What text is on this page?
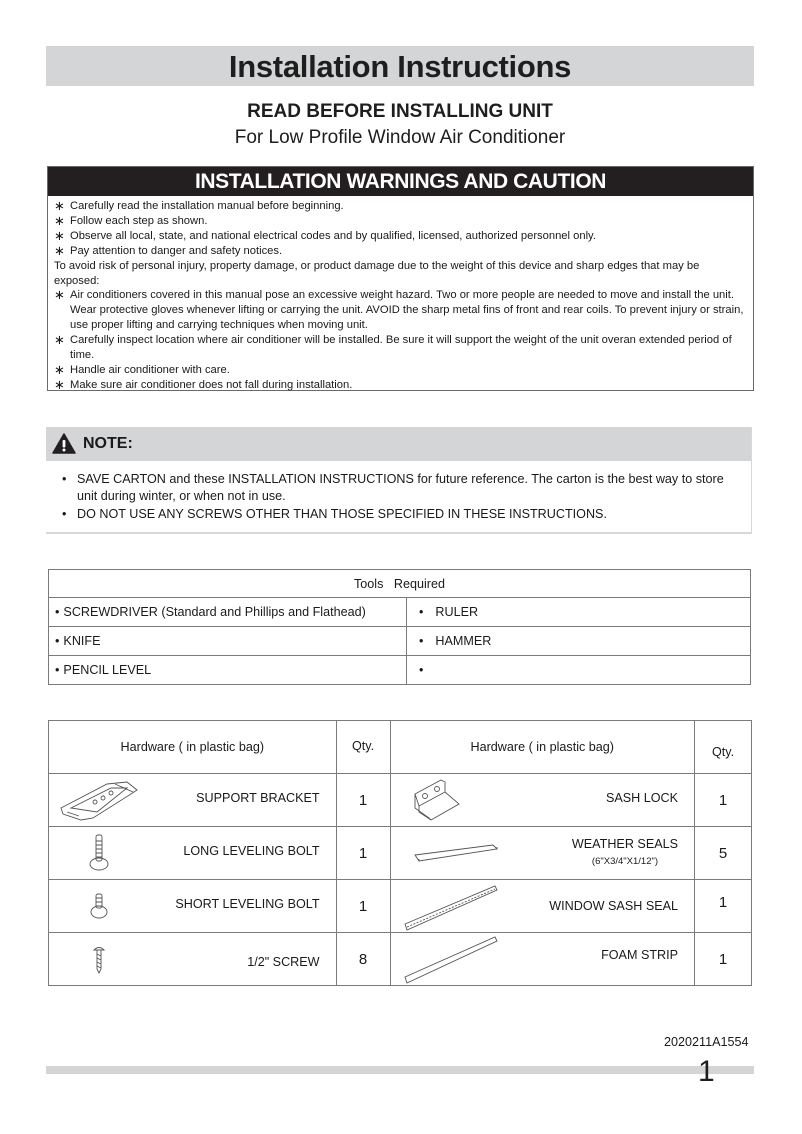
Installation Instructions
READ BEFORE INSTALLING UNIT
For Low Profile Window Air Conditioner
INSTALLATION WARNINGS AND CAUTION
∗ Carefully read the installation manual before beginning.
∗ Follow each step as shown.
∗ Observe all local, state, and national electrical codes and by qualified, licensed, authorized personnel only.
∗ Pay attention to danger and safety notices.
To avoid risk of personal injury, property damage, or product damage due to the weight of this device and sharp edges that may be exposed:
∗ Air conditioners covered in this manual pose an excessive weight hazard. Two or more people are needed to move and install the unit. Wear protective gloves whenever lifting or carrying the unit. AVOID the sharp metal fins of front and rear coils. To prevent injury or strain, use proper lifting and carrying techniques when moving unit.
∗ Carefully inspect location where air conditioner will be installed. Be sure it will support the weight of the unit overan extended period of time.
∗ Handle air conditioner with care.
∗ Make sure air conditioner does not fall during installation.
NOTE:
• SAVE CARTON and these INSTALLATION INSTRUCTIONS for future reference. The carton is the best way to store unit during winter, or when not in use.
• DO NOT USE ANY SCREWS OTHER THAN THOSE SPECIFIED IN THESE INSTRUCTIONS.
Tools   Required	
• SCREWDRIVER (Standard and Phillips and Flathead)	• RULER
• KNIFE	• HAMMER
• PENCIL LEVEL	•
Hardware ( in plastic bag)	Qty.	Hardware ( in plastic bag)	Qty.

SUPPORT BRACKET	1	SASH LOCK	1

LONG LEVELING BOLT	1	WEATHER SEALS
(6"X3/4"X1/12")	5

SHORT LEVELING BOLT	1	WINDOW SASH SEAL	1

1/2" SCREW	8	FOAM STRIP	1
2020211A1554
1
